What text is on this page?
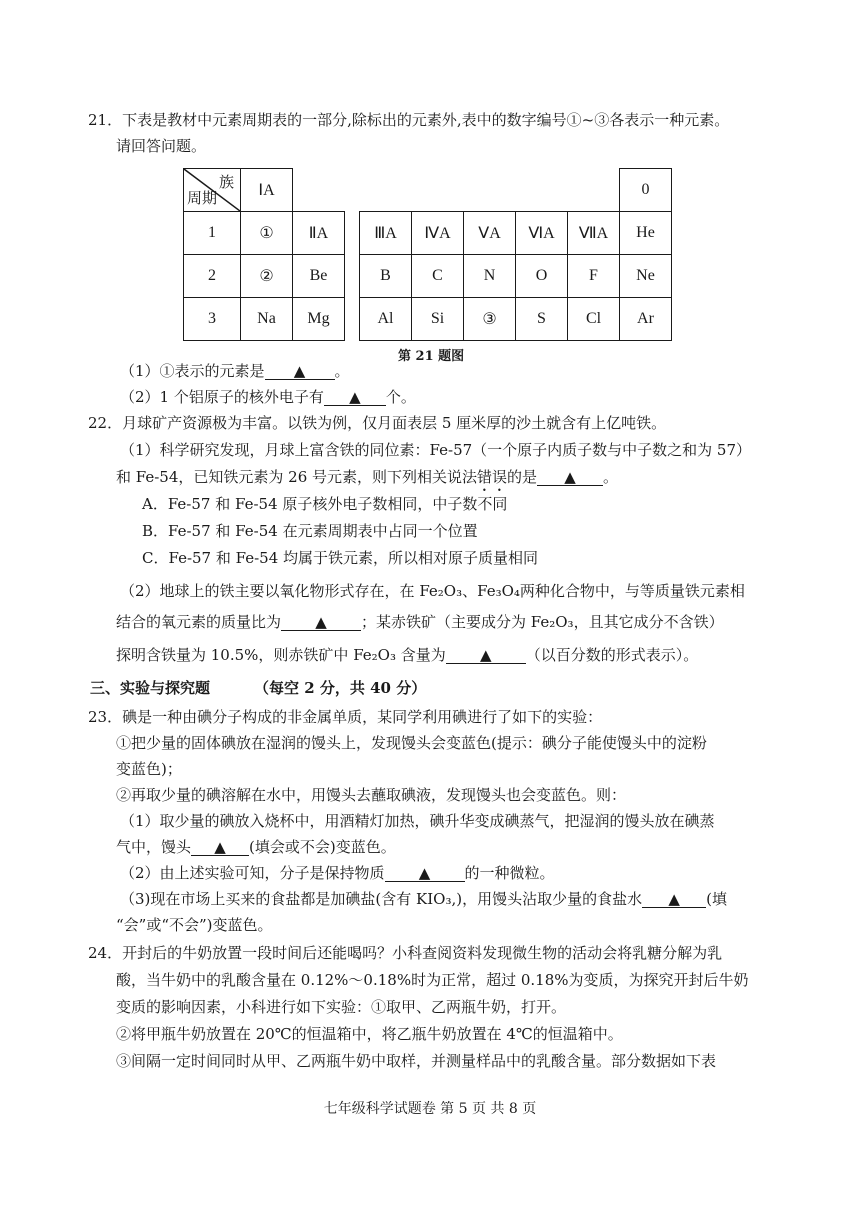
21．下表是教材中元素周期表的一部分,除标出的元素外,表中的数字编号①~③各表示一种元素。
请回答问题。
族
周期	ⅠA								0
1	①	ⅡA		ⅢA	ⅣA	ⅤA	ⅥA	ⅦA	He
2	②	Be		B	C	N	O	F	Ne
3	Na	Mg		Al	Si	③	S	Cl	Ar
第 21 题图
（1）①表示的元素是 ▲ 。
（2）1 个铝原子的核外电子有 ▲ 个。
22．月球矿产资源极为丰富。以铁为例，仅月面表层 5 厘米厚的沙土就含有上亿吨铁。
（1）科学研究发现，月球上富含铁的同位素：Fe-57（一个原子内质子数与中子数之和为 57）
和 Fe-54，已知铁元素为 26 号元素，则下列相关说法错误的是 ▲ 。
A．Fe-57 和 Fe-54 原子核外电子数相同，中子数不同
B．Fe-57 和 Fe-54 在元素周期表中占同一个位置
C．Fe-57 和 Fe-54 均属于铁元素，所以相对原子质量相同
（2）地球上的铁主要以氧化物形式存在，在 Fe₂O₃、Fe₃O₄两种化合物中，与等质量铁元素相
结合的氧元素的质量比为 ▲ ；某赤铁矿（主要成分为 Fe₂O₃，且其它成分不含铁）
探明含铁量为 10.5%，则赤铁矿中 Fe₂O₃ 含量为 ▲ （以百分数的形式表示）。
三、实验与探究题	（每空 2 分，共 40 分）
23．碘是一种由碘分子构成的非金属单质，某同学利用碘进行了如下的实验：
①把少量的固体碘放在湿润的馒头上，发现馒头会变蓝色(提示：碘分子能使馒头中的淀粉
变蓝色)；
②再取少量的碘溶解在水中，用馒头去蘸取碘液，发现馒头也会变蓝色。则：
（1）取少量的碘放入烧杯中，用酒精灯加热，碘升华变成碘蒸气，把湿润的馒头放在碘蒸
气中，馒头 ▲ (填会或不会)变蓝色。
（2）由上述实验可知，分子是保持物质 ▲ 的一种微粒。
（3)现在市场上买来的食盐都是加碘盐(含有 KIO₃,)，用馒头沾取少量的食盐水 ▲ (填
“会”或“不会”)变蓝色。
24．开封后的牛奶放置一段时间后还能喝吗？小科查阅资料发现微生物的活动会将乳糖分解为乳
酸，当牛奶中的乳酸含量在 0.12%～0.18%时为正常，超过 0.18%为变质，为探究开封后牛奶
变质的影响因素，小科进行如下实验：①取甲、乙两瓶牛奶，打开。
②将甲瓶牛奶放置在 20℃的恒温箱中，将乙瓶牛奶放置在 4℃的恒温箱中。
③间隔一定时间同时从甲、乙两瓶牛奶中取样，并测量样品中的乳酸含量。部分数据如下表
七年级科学试题卷 第 5 页 共 8 页
